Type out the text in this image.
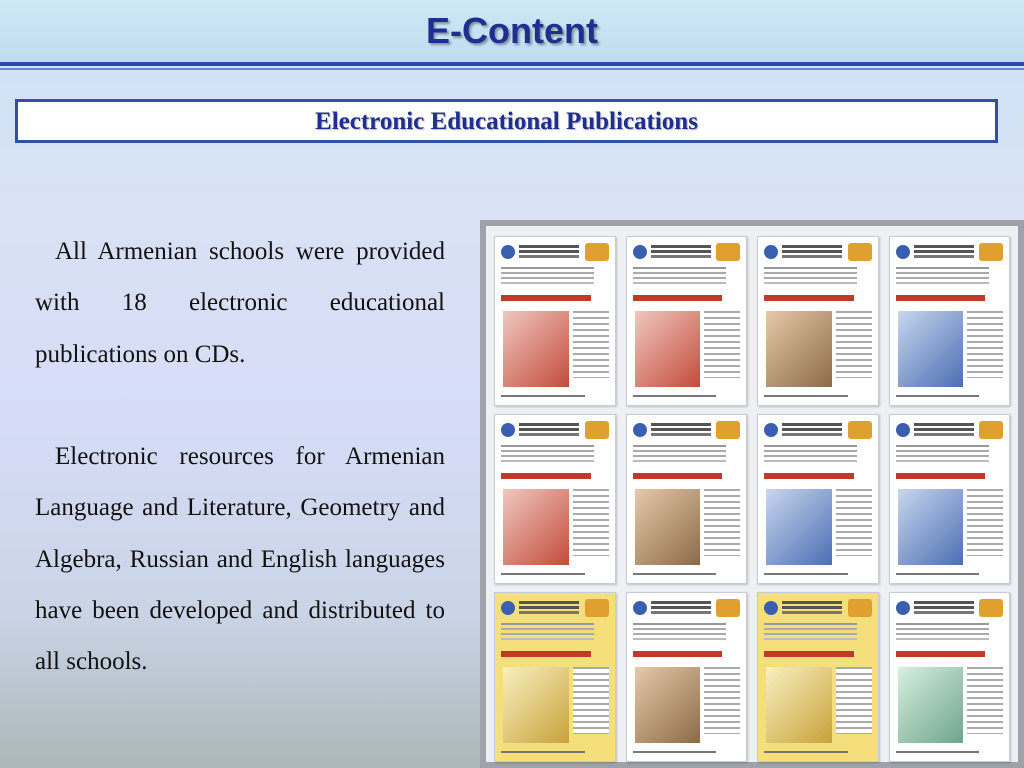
E-Content
Electronic Educational Publications

All Armenian schools were provided with 18 electronic educational publications on CDs.

Electronic resources for Armenian Language and Literature, Geometry and Algebra, Russian and English languages have been developed and distributed to all schools.
